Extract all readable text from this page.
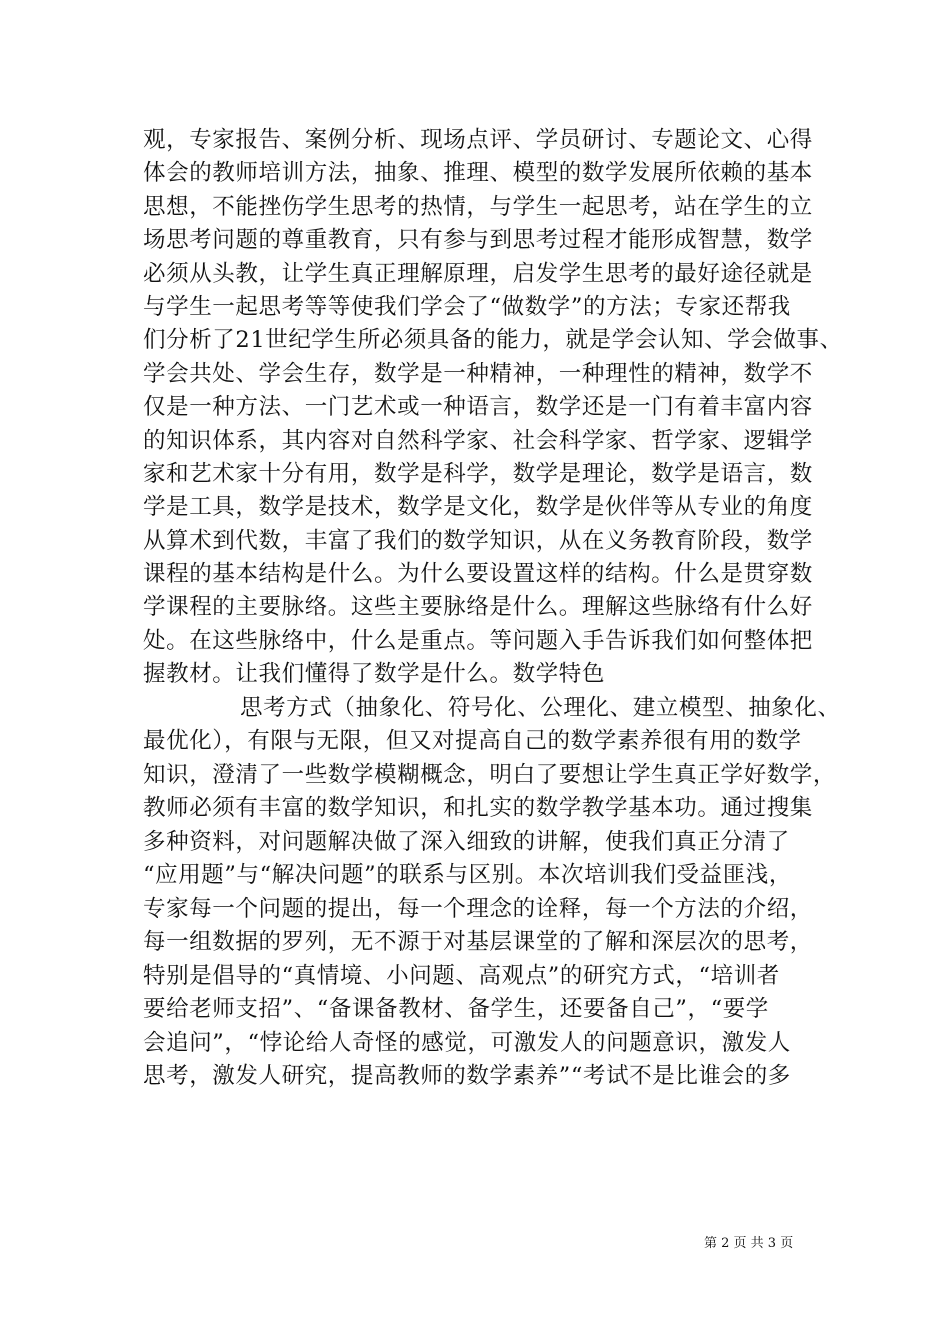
观，专家报告、案例分析、现场点评、学员研讨、专题论文、心得
体会的教师培训方法，抽象、推理、模型的数学发展所依赖的基本
思想，不能挫伤学生思考的热情，与学生一起思考，站在学生的立
场思考问题的尊重教育，只有参与到思考过程才能形成智慧，数学
必须从头教，让学生真正理解原理，启发学生思考的最好途径就是
与学生一起思考等等使我们学会了“做数学”的方法；专家还帮我
们分析了21世纪学生所必须具备的能力，就是学会认知、学会做事、
学会共处、学会生存，数学是一种精神，一种理性的精神，数学不
仅是一种方法、一门艺术或一种语言，数学还是一门有着丰富内容
的知识体系，其内容对自然科学家、社会科学家、哲学家、逻辑学
家和艺术家十分有用，数学是科学，数学是理论，数学是语言，数
学是工具，数学是技术，数学是文化，数学是伙伴等从专业的角度
从算术到代数，丰富了我们的数学知识，从在义务教育阶段，数学
课程的基本结构是什么。为什么要设置这样的结构。什么是贯穿数
学课程的主要脉络。这些主要脉络是什么。理解这些脉络有什么好
处。在这些脉络中，什么是重点。等问题入手告诉我们如何整体把
握教材。让我们懂得了数学是什么。数学特色
思考方式（抽象化、符号化、公理化、建立模型、抽象化、
最优化），有限与无限，但又对提高自己的数学素养很有用的数学
知识，澄清了一些数学模糊概念，明白了要想让学生真正学好数学，
教师必须有丰富的数学知识，和扎实的数学教学基本功。通过搜集
多种资料，对问题解决做了深入细致的讲解，使我们真正分清了
“应用题”与“解决问题”的联系与区别。本次培训我们受益匪浅，
专家每一个问题的提出，每一个理念的诠释，每一个方法的介绍，
每一组数据的罗列，无不源于对基层课堂的了解和深层次的思考，
特别是倡导的“真情境、小问题、高观点”的研究方式，“培训者
要给老师支招”、“备课备教材、备学生，还要备自己”，“要学
会追问”，“悖论给人奇怪的感觉，可激发人的问题意识，激发人
思考，激发人研究，提高教师的数学素养”“考试不是比谁会的多
第 2 页 共 3 页
